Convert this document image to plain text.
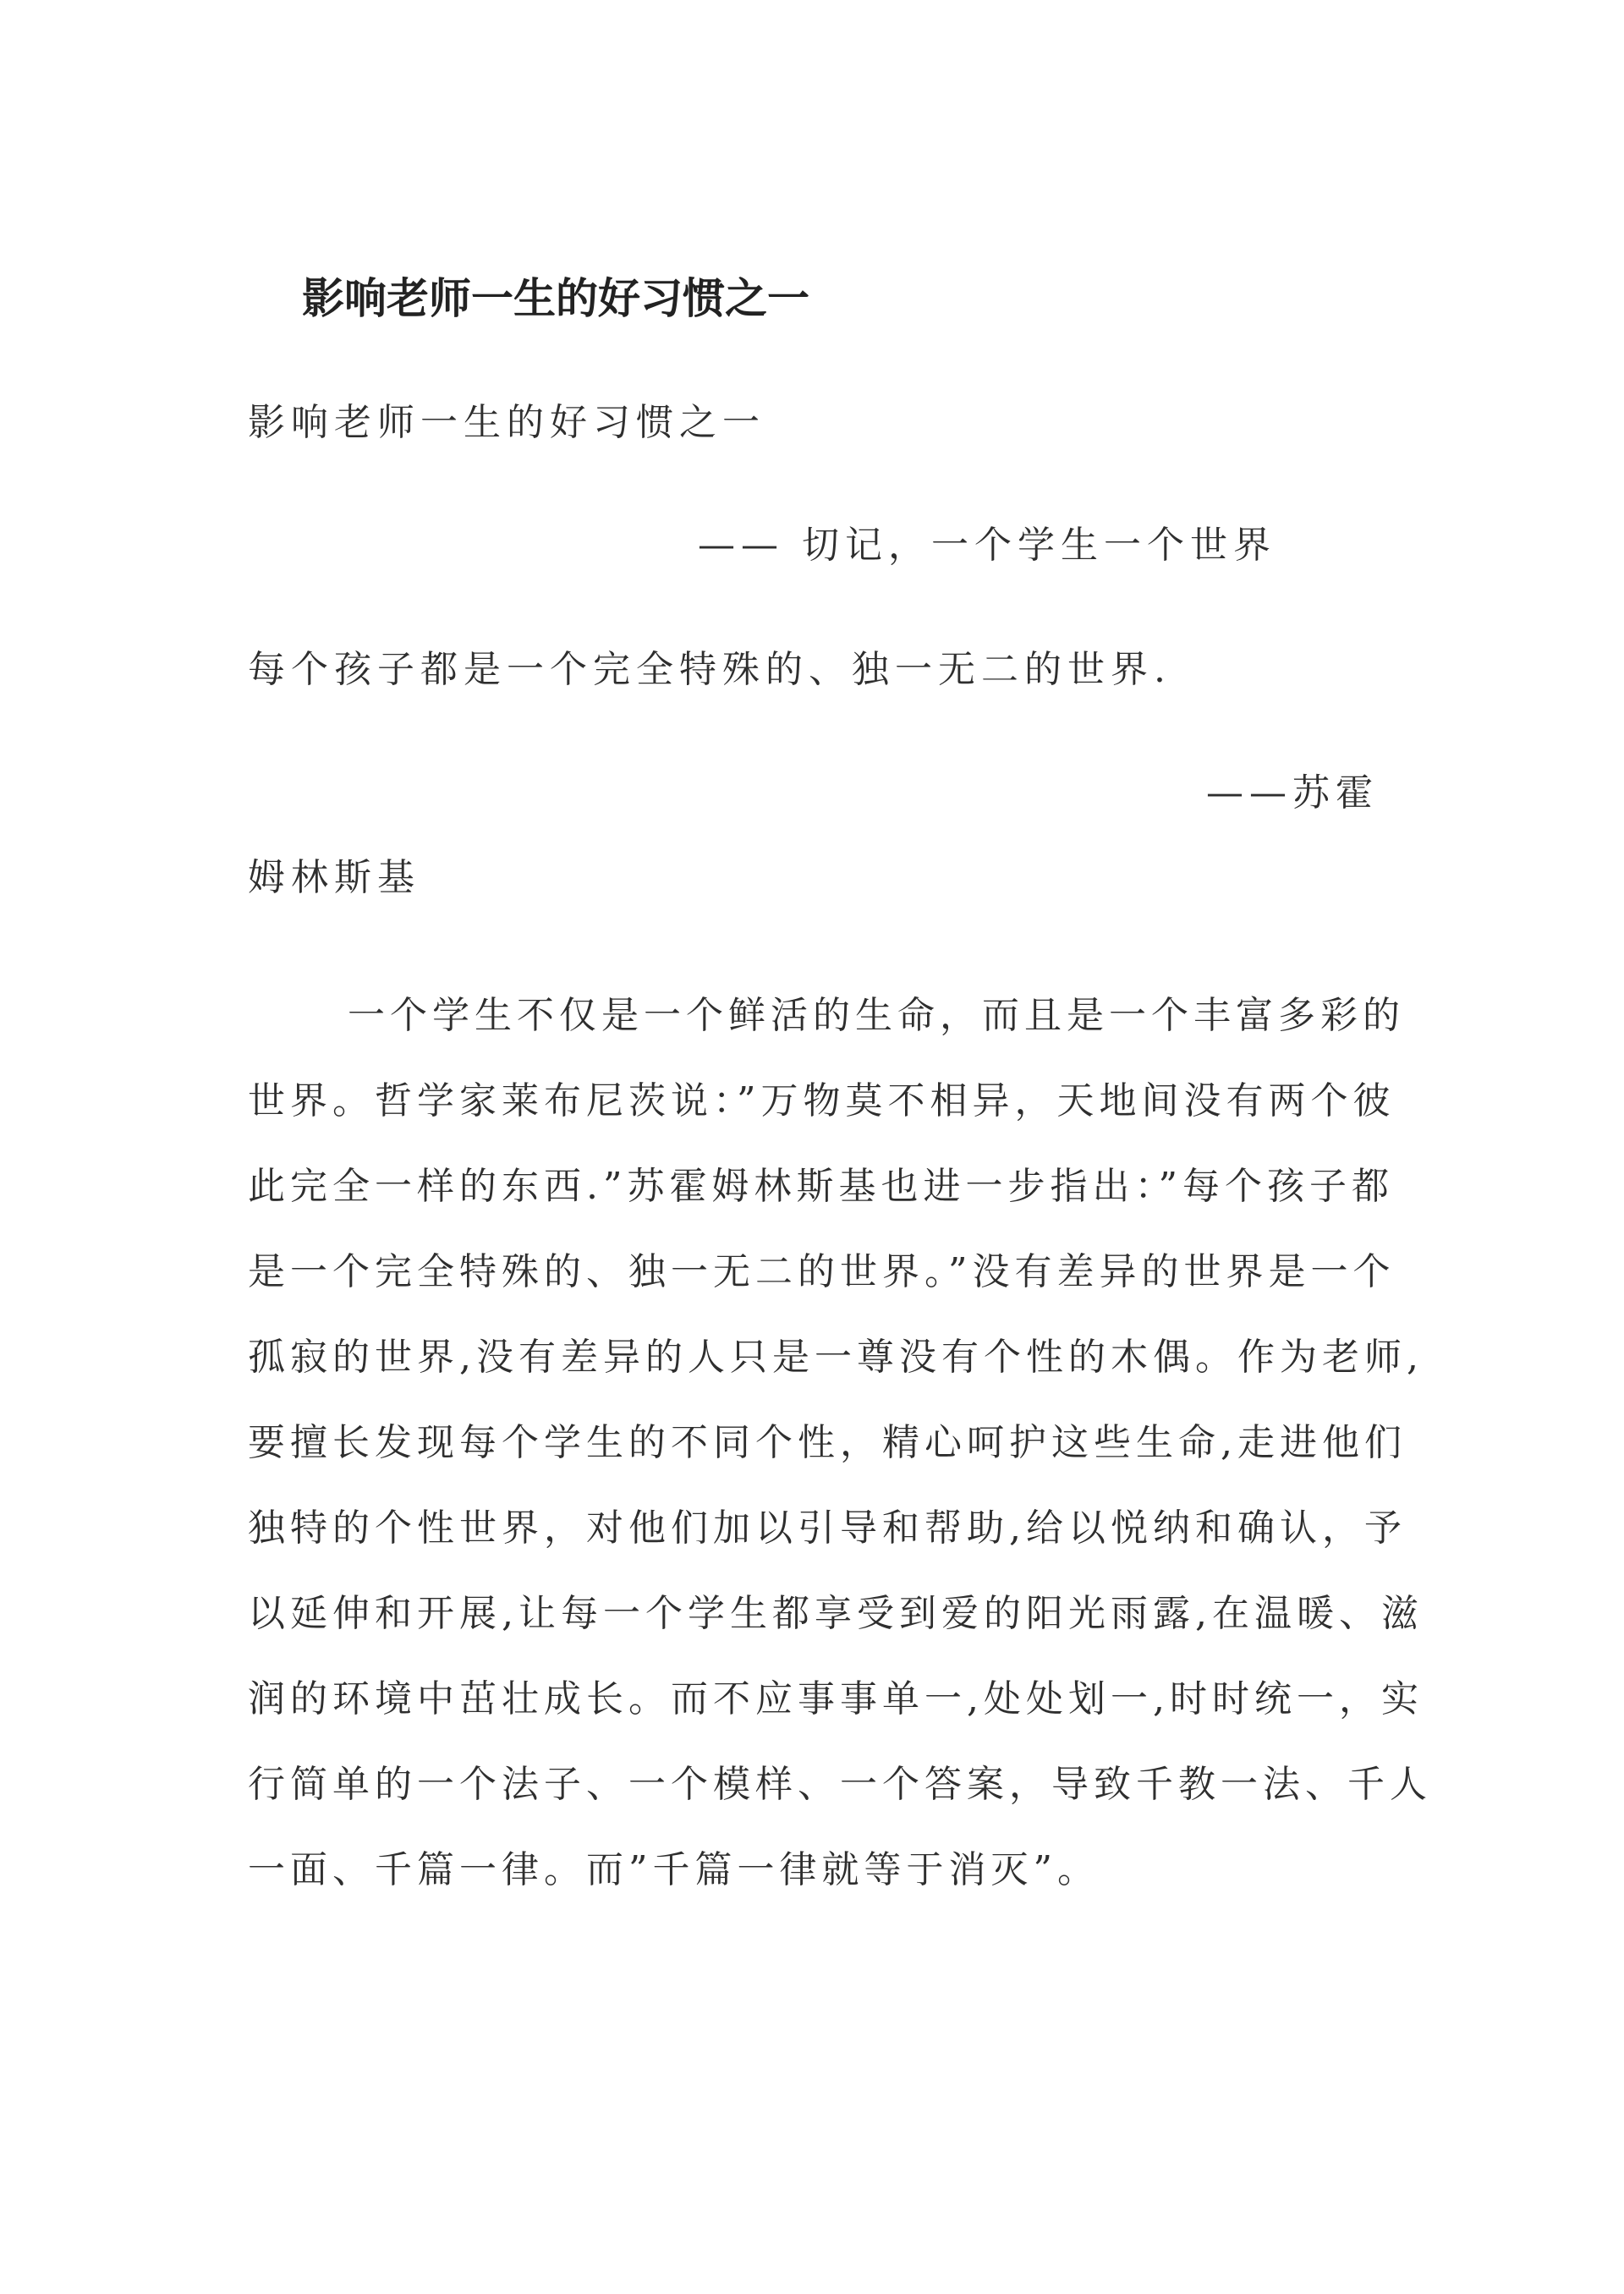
影响老师一生的好习惯之一

影响老师一生的好习惯之一

—— 切记，一个学生一个世界

每个孩子都是一个完全特殊的、独一无二的世界.

——苏霍

姆林斯基

一个学生不仅是一个鲜活的生命，而且是一个丰富多彩的
世界。哲学家莱布尼茨说：”万物莫不相异，天地间没有两个彼
此完全一样的东西.”苏霍姆林斯基也进一步指出：”每个孩子都
是一个完全特殊的、独一无二的世界。”没有差异的世界是一个
孤寂的世界,没有差异的人只是一尊没有个性的木偶。作为老师,
要擅长发现每个学生的不同个性，精心呵护这些生命,走进他们
独特的个性世界，对他们加以引导和帮助,给以悦纳和确认，予
以延伸和开展,让每一个学生都享受到爱的阳光雨露,在温暖、滋
润的环境中茁壮成长。而不应事事单一,处处划一,时时统一，实
行简单的一个法子、一个模样、一个答案，导致千教一法、千人
一面、千篇一律。而”千篇一律就等于消灭”。
